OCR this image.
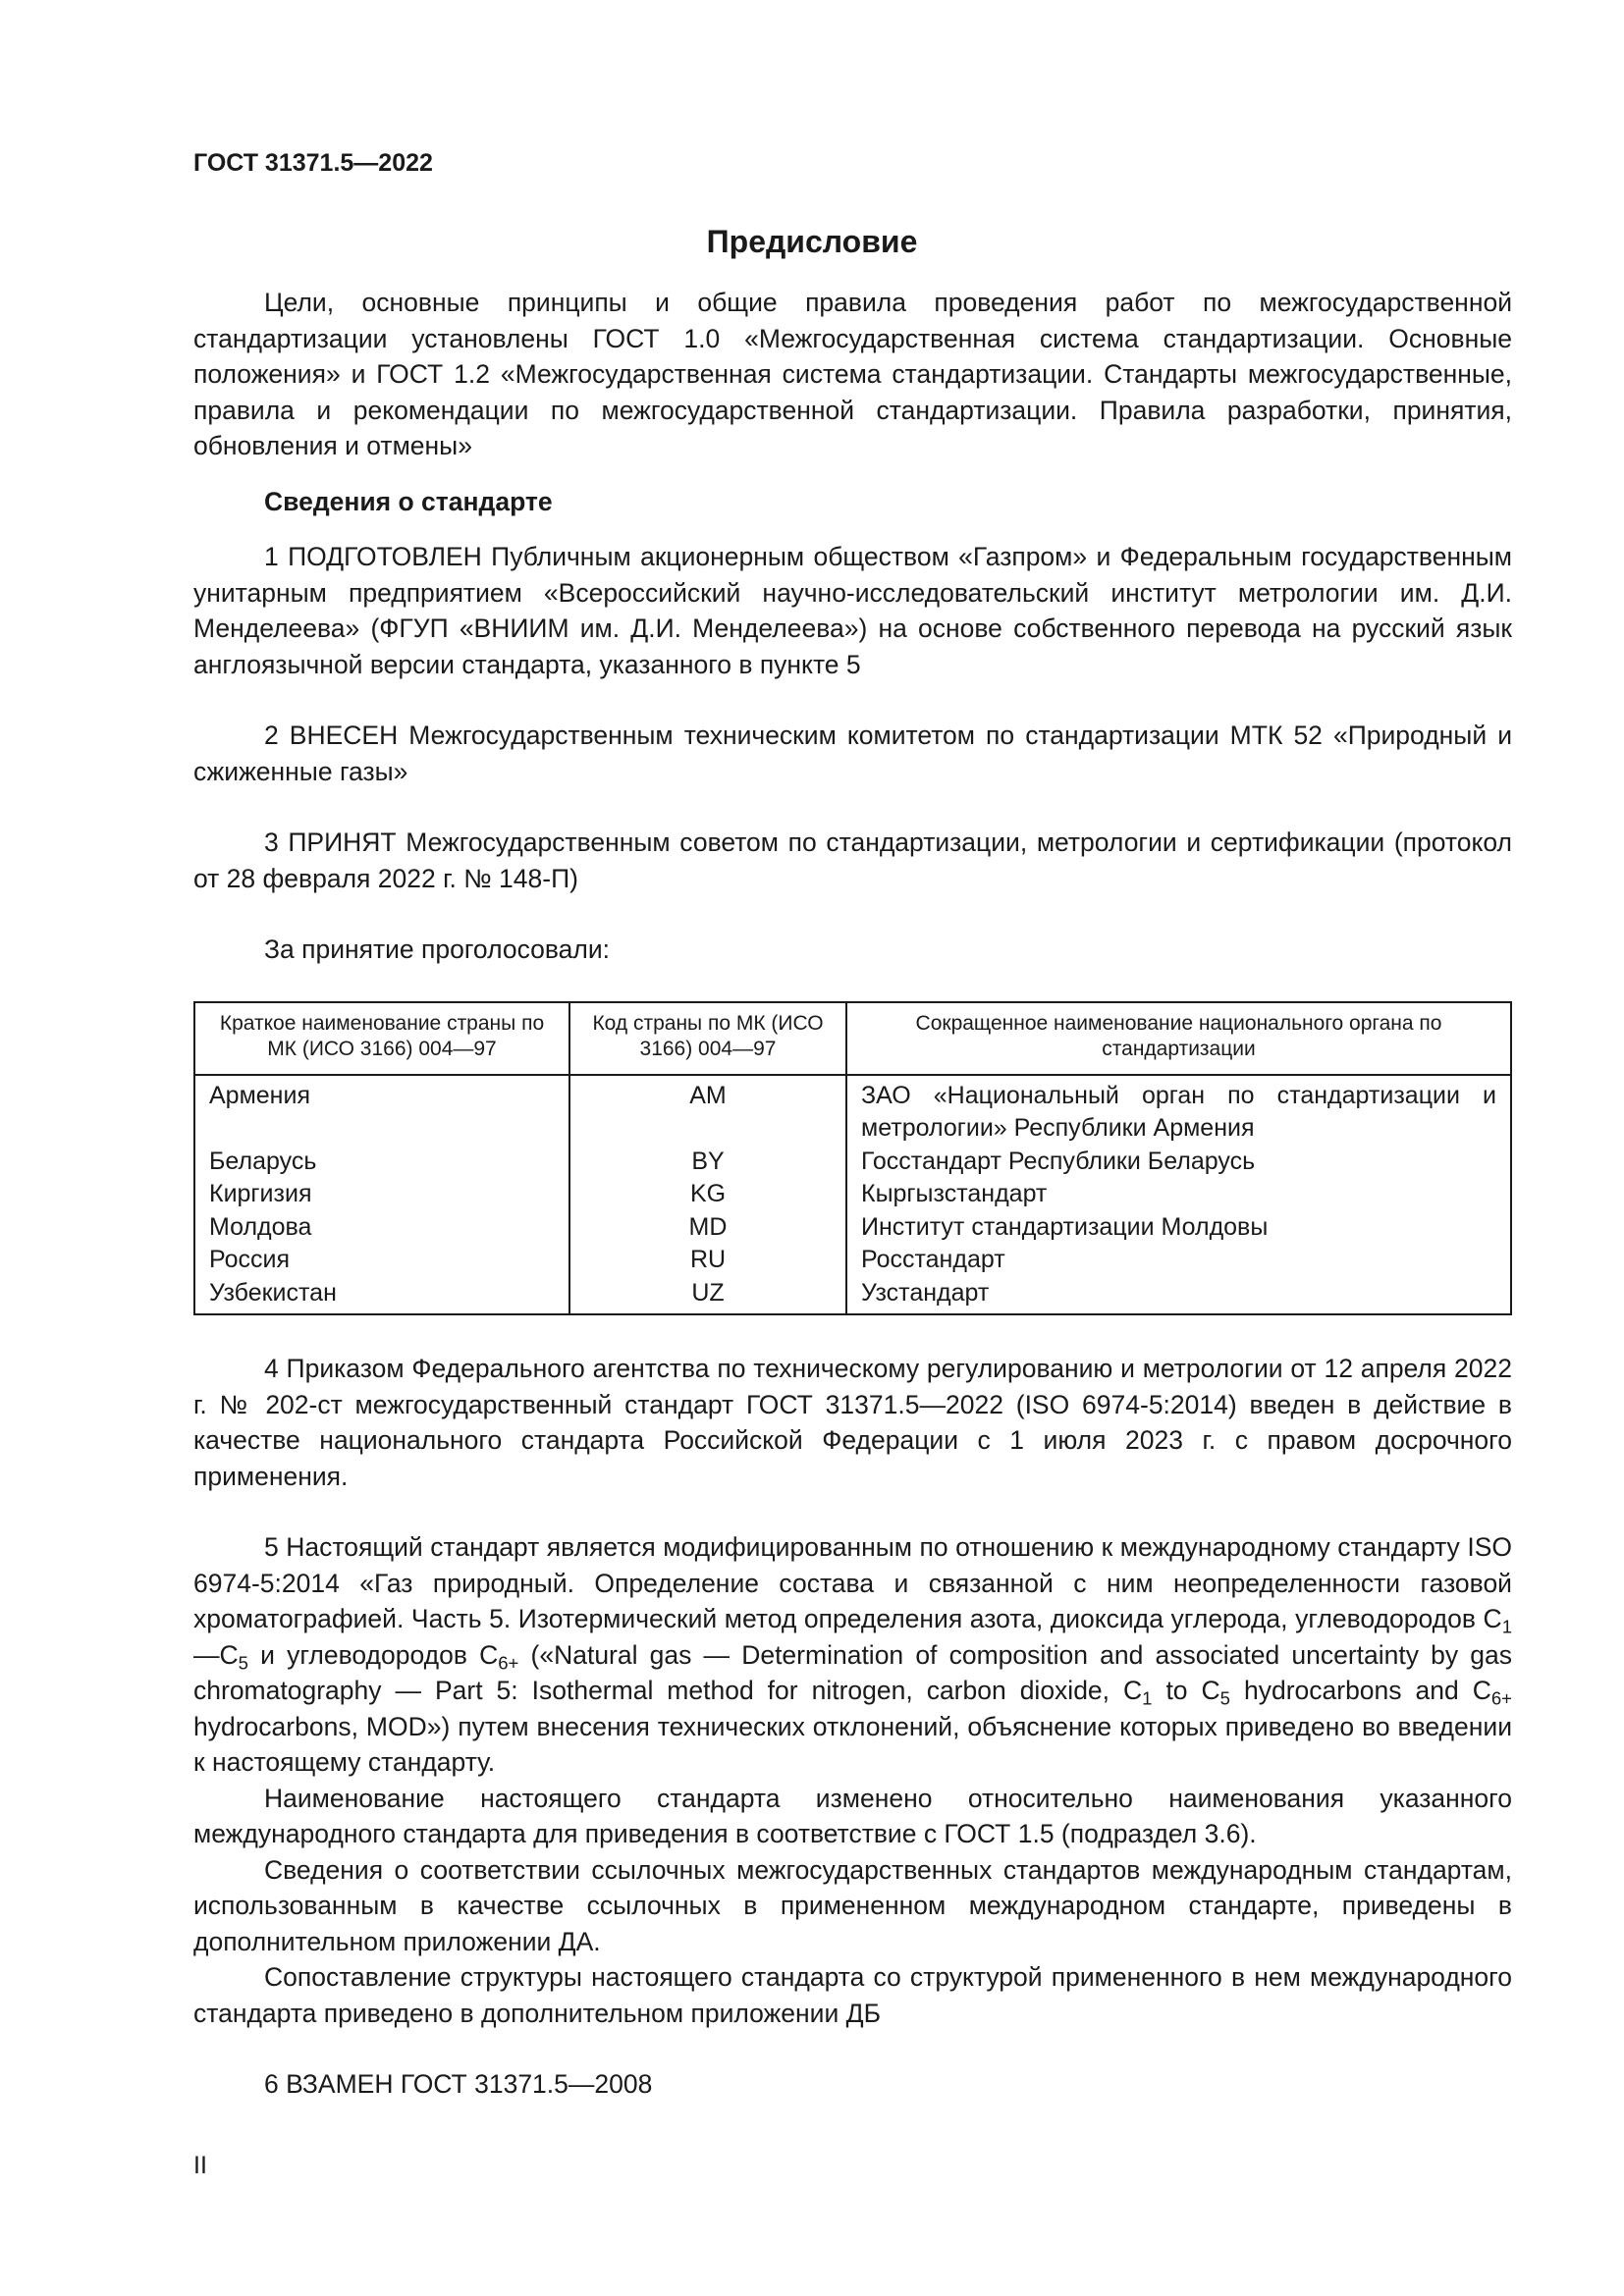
ГОСТ 31371.5—2022
Предисловие

Цели, основные принципы и общие правила проведения работ по межгосударственной стандартизации установлены ГОСТ 1.0 «Межгосударственная система стандартизации. Основные положения» и ГОСТ 1.2 «Межгосударственная система стандартизации. Стандарты межгосударственные, правила и рекомендации по межгосударственной стандартизации. Правила разработки, принятия, обновления и отмены»

Сведения о стандарте

1 ПОДГОТОВЛЕН Публичным акционерным обществом «Газпром» и Федеральным государственным унитарным предприятием «Всероссийский научно-исследовательский институт метрологии им. Д.И. Менделеева» (ФГУП «ВНИИМ им. Д.И. Менделеева») на основе собственного перевода на русский язык англоязычной версии стандарта, указанного в пункте 5

2 ВНЕСЕН Межгосударственным техническим комитетом по стандартизации МТК 52 «Природный и сжиженные газы»

3 ПРИНЯТ Межгосударственным советом по стандартизации, метрологии и сертификации (протокол от 28 февраля 2022 г. № 148-П)

За принятие проголосовали:

Краткое наименование страны по МК (ИСО 3166) 004—97	Код страны по МК (ИСО 3166) 004—97	Сокращенное наименование национального органа по стандартизации
Армения	AM	ЗАО «Национальный орган по стандартизации и метрологии» Республики Армения
Беларусь	BY	Госстандарт Республики Беларусь
Киргизия	KG	Кыргызстандарт
Молдова	MD	Институт стандартизации Молдовы
Россия	RU	Росстандарт
Узбекистан	UZ	Узстандарт

4 Приказом Федерального агентства по техническому регулированию и метрологии от 12 апреля 2022 г. № 202-ст межгосударственный стандарт ГОСТ 31371.5—2022 (ISO 6974-5:2014) введен в действие в качестве национального стандарта Российской Федерации с 1 июля 2023 г. с правом досрочного применения.

5 Настоящий стандарт является модифицированным по отношению к международному стандарту ISO 6974-5:2014 «Газ природный. Определение состава и связанной с ним неопределенности газовой хроматографией. Часть 5. Изотермический метод определения азота, диоксида углерода, углеводородов $C_1—C_5$ и углеводородов $C_{6+}$ («Natural gas — Determination of composition and associated uncertainty by gas chromatography — Part 5: Isothermal method for nitrogen, carbon dioxide, $C_1$ to $C_5$ hydrocarbons and $C_{6+}$ hydrocarbons, MOD») путем внесения технических отклонений, объяснение которых приведено во введении к настоящему стандарту.

Наименование настоящего стандарта изменено относительно наименования указанного международного стандарта для приведения в соответствие с ГОСТ 1.5 (подраздел 3.6).

Сведения о соответствии ссылочных межгосударственных стандартов международным стандартам, использованным в качестве ссылочных в примененном международном стандарте, приведены в дополнительном приложении ДА.

Сопоставление структуры настоящего стандарта со структурой примененного в нем международного стандарта приведено в дополнительном приложении ДБ

6 ВЗАМЕН ГОСТ 31371.5—2008

II
